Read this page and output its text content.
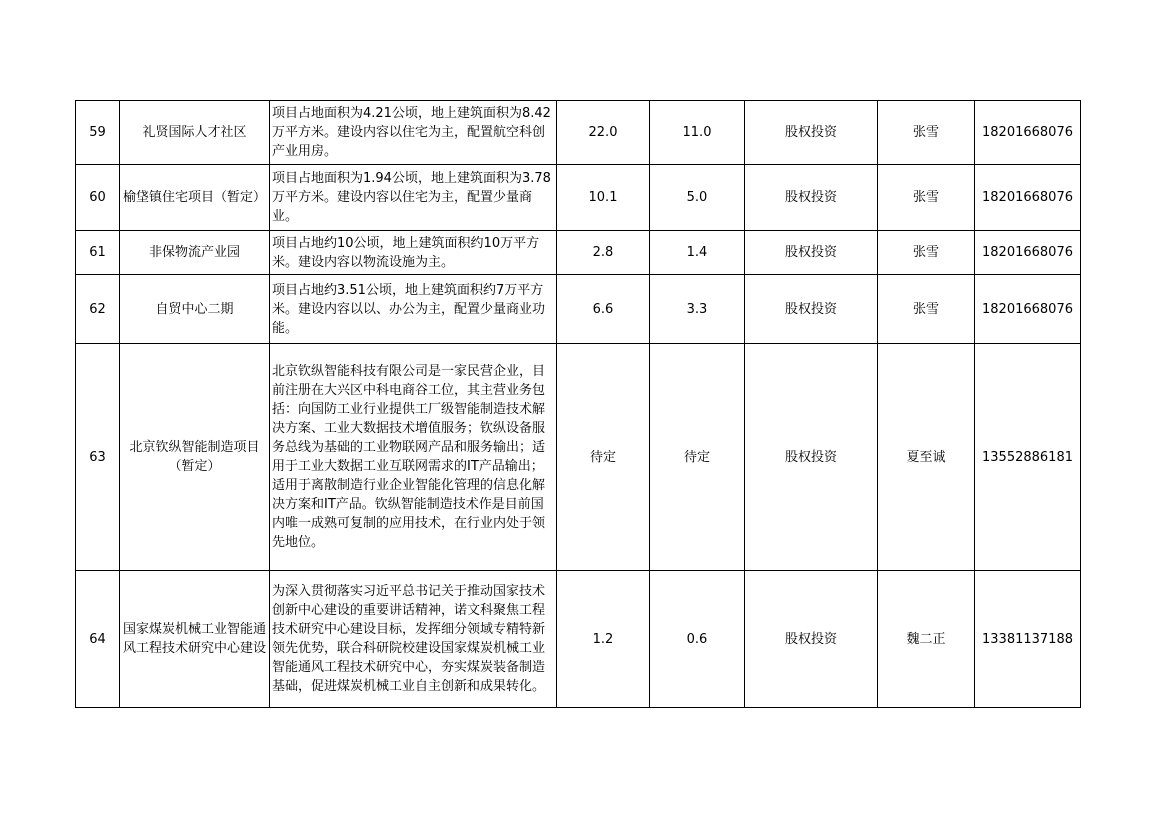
59	礼贤国际人才社区	项目占地面积为4.21公顷，地上建筑面积为8.42万平方米。建设内容以住宅为主，配置航空科创产业用房。	22.0	11.0	股权投资	张雪	18201668076
60	榆垡镇住宅项目（暂定）	项目占地面积为1.94公顷，地上建筑面积为3.78万平方米。建设内容以住宅为主，配置少量商业。	10.1	5.0	股权投资	张雪	18201668076
61	非保物流产业园	项目占地约10公顷，地上建筑面积约10万平方米。建设内容以物流设施为主。	2.8	1.4	股权投资	张雪	18201668076
62	自贸中心二期	项目占地约3.51公顷，地上建筑面积约7万平方米。建设内容以以、办公为主，配置少量商业功能。	6.6	3.3	股权投资	张雪	18201668076
63	北京钦纵智能制造项目（暂定）	北京钦纵智能科技有限公司是一家民营企业，目前注册在大兴区中科电商谷工位，其主营业务包括：向国防工业行业提供工厂级智能制造技术解决方案、工业大数据技术增值服务；钦纵设备服务总线为基础的工业物联网产品和服务输出；适用于工业大数据工业互联网需求的IT产品输出；适用于离散制造行业企业智能化管理的信息化解决方案和IT产品。钦纵智能制造技术作是目前国内唯一成熟可复制的应用技术，在行业内处于领先地位。	待定	待定	股权投资	夏至诚	13552886181
64	国家煤炭机械工业智能通风工程技术研究中心建设	为深入贯彻落实习近平总书记关于推动国家技术创新中心建设的重要讲话精神，诺文科聚焦工程技术研究中心建设目标，发挥细分领域专精特新领先优势，联合科研院校建设国家煤炭机械工业智能通风工程技术研究中心，夯实煤炭装备制造基础，促进煤炭机械工业自主创新和成果转化。	1.2	0.6	股权投资	魏二正	13381137188
